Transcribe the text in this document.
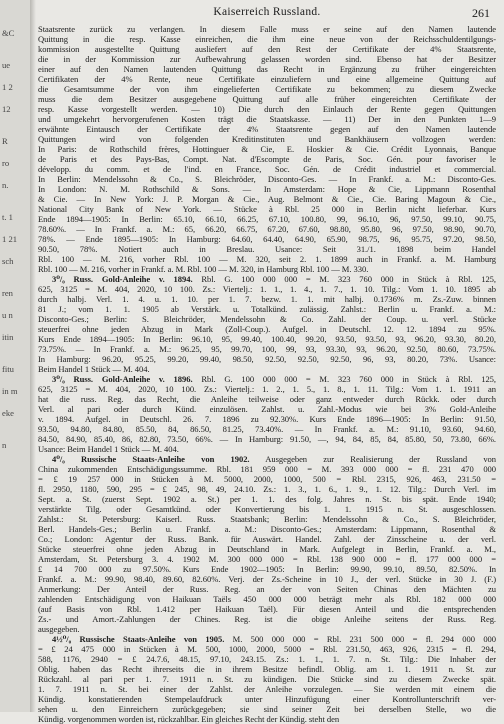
&C
ue
1 2
12
R
ro
n.
t. 1
1 21
sch
ren
u n
itin
fitu
in m
eke
n
Kaiserreich Russland.	261
Staatsrente zurück zu verlangen. In diesem Falle muss er seine auf den Namen lautende
Quittung in die resp. Kasse einreichen, die ihm eine neue von der Reichsschuldentilgungs-
kommission ausgestellte Quittung ausliefert auf den Rest der Certifikate der 4% Staatsrente,
die in der Kommission zur Aufbewahrung gelassen worden sind. Ebenso hat der Besitzer
einer auf den Namen lautenden Quittung das Recht in Ergänzung zu früher eingereichten
Certifikaten der 4% Rente, neue Certifikate einzuliefern und eine allgemeine Quittung auf
die Gesamtsumme der von ihm eingelieferten Certifikate zu bekommen; zu diesem Zwecke
muss die dem Besitzer ausgegebene Quittung auf alle früher eingereichten Certifikate der
resp. Kasse vorgestellt werden. — 10) Die durch den Einlauch der Rente gegen Quittungen
und umgekehrt hervorgerufenen Kosten trägt die Staatskasse. — 11) Der in den Punkten 1—9
erwähnte Eintausch der Certifikate der 4% Staatsrente gegen auf den Namen lautende
Quittungen wird von folgenden Kreditinstituten und Bankhäusern vollzogen werden:
In Paris: de Rothschild frères, Hottinguer & Cie, E. Hoskier & Cie. Crédit Lyonnais, Banque
de Paris et des Pays-Bas, Compt. Nat. d'Escompte de Paris, Soc. Gén. pour favoriser le
développ. du comm. et de l'ind. en France, Soc. Gén. de Crédit industriel et commercial.
In Berlin: Mendelssohn & Co., S. Bleichröder, Disconto-Ges. — In Frankf. a. M.: Disconto-Ges.
In London: N. M. Rothschild & Sons. — In Amsterdam: Hope & Cie, Lippmann Rosenthal
& Cie. — In New York: J. P. Morgan & Cie., Aug. Belmont & Cie., Cie. Baring Magoun & Cie.,
National City Bank of New York. — Stücke à Rbl. 25 000 in Berlin nicht lieferbar. Kurs
Ende 1894—1905: In Berlin: 65.10, 66.10, 66.25, 67.10, 100.80, 99, 96.10, 96, 97.50, 99.10, 90.75,
78.60%. — In Frankf. a. M.: 65, 66.20, 66.75, 67.20, 67.60, 98.80, 95.80, 96, 97.50, 98.90, 90.70,
78%. — Ende 1895—1905: In Hamburg: 64.60, 64.40, 64.90, 65.90, 98.75, 96, 95.75, 97.20, 98.50,
90.50, 78%. Notiert auch in Breslau. Usance: Seit 31./1. 1898 beim Handel
Rbl. 100 — M. 216, vorher Rbl. 100 — M. 320, seit 2. 1. 1899 auch in Frankf. a. M. Hamburg
Rbl. 100 — M. 216, vorher in Frankf. a. M. Rbl. 100 — M. 320, in Hamburg Rbl. 100 — M. 330.
3⁰/₀ Russ. Gold-Anleihe v. 1894. Rbl. G. 100 000 000 = M. 323 760 000 in Stück à Rbl. 125,
625, 3125 = M. 404, 2020, 10 100. Zs.: Viertelj.: 1. 1., 1. 4., 1. 7., 1. 10. Tilg.: Vom 1. 10. 1895 ab
durch halbj. Verl. 1. 4. u. 1. 10. per 1. 7. bezw. 1. 1. mit halbj. 0.1736% m. Zs.-Zuw. binnen
81 J.; vom 1. 1. 1905 ab Verstärk. u. Totalkünd. zulässig. Zahlst.: Berlin u. Frankf. a. M.:
Disconto-Ges.; Berlin: S. Bleichröder, Mendelssohn & Co. Zahl. der Coup. u. verl. Stücke
steuerfrei ohne jeden Abzug in Mark (Zoll-Coup.). Aufgel. in Deutschl. 12. 12. 1894 zu 95%.
Kurs Ende 1894—1905: In Berlin: 96.10, 95, 99.40, 100.40, 99.20, 93.50, 93.50, 93, 96.20, 93.30, 80.20,
73.75%. — In Frankf. a. M.: 96.25, 95, 99.70, 100, 99, 93, 93.30, 93, 96.20, 92.50, 80.60, 73.75%.
In Hamburg: 96.20, 95.25, 99.20, 99.40, 98.50, 92.50, 92.50, 92.50, 96, 93, 80.20, 73%. Usance:
Beim Handel 1 Stück — M. 404.
3⁰/₀ Russ. Gold-Anleihe v. 1896. Rbl. G. 100 000 000 = M. 323 760 000 in Stück à Rbl. 125,
625, 3125 = M. 404, 2020, 10 100. Zs.: Viertelj.: 1. 2., 1. 5., 1. 8., 1. 11. Tilg.: Vom 1. 1. 1911 an
hat die russ. Reg. das Recht, die Anleihe teilweise oder ganz entweder durch Rückk. oder durch
Verl. al pari oder durch Künd. einzulösen. Zahlst. u. Zahl.-Modus wie bei 3% Gold-Anleihe
v. 1894. Aufgel. in Deutschl. 26. 7. 1896 zu 92.30%. Kurs Ende 1896—1905: In Berlin: 91.50,
93.50, 94.80, 84.80, 85.50, 84, 86.50, 81.25, 73.40%. — In Frankf. a. M.: 91.10, 93.60, 94.60,
84.50, 84.90, 85.40, 86, 82.80, 73.50, 66%. — In Hamburg: 91.50, —, 94, 84, 85, 84, 85.80, 50, 73.80, 66%.
Usance: Beim Handel 1 Stück — M. 404.
4⁰/₀ Russische Staats-Anleihe von 1902. Ausgegeben zur Realisierung der Russland von
China zukommenden Entschädigungssumme. Rbl. 181 959 000 = M. 393 000 000 = fl. 231 470 000
= £ 19 257 000 in Stücken à M. 5000, 2000, 1000, 500 = Rbl. 2315, 926, 463, 231.50 =
fl. 2950, 1180, 590, 295 = £ 245, 98, 49, 24.10. Zs.: 1. 3., 1. 6., 1. 9., 1. 12. Tilg.: Durch Verl. im
Sept. a. St. (zuerst Sept. 1902 a. St.) per 1. 1. des folg. Jahres n. St. bis spät. Ende 1940;
verstärkte Tilg. oder Gesamtkünd. oder Konvertierung bis 1. 1. 1915 n. St. ausgeschlossen.
Zahlst.: St. Petersburg: Kaiserl. Russ. Staatsbank; Berlin: Mendelssohn & Co., S. Bleichröder,
Berl. Handels-Ges.; Berlin u. Frankf. a. M.: Disconto-Ges.; Amsterdam: Lippmann, Rosenthal &
Co.; London: Agentur der Russ. Bank. für Auswärt. Handel. Zahl. der Zinsscheine u. der verl.
Stücke steuerfrei ohne jeden Abzug in Deutschland in Mark. Aufgelegt in Berlin, Frankf. a. M.,
Amsterdam, St. Petersburg 3. 4. 1902 M. 300 000 000 = Rbl. 138 900 000 = fl. 177 000 000 =
£ 14 700 000 zu 97.50%. Kurs Ende 1902—1905: In Berlin: 99.90, 99.10, 89.50, 82.50%. In
Frankf. a. M.: 99.90, 98.40, 89.60, 82.60%. Verj. der Zs.-Scheine in 10 J., der verl. Stücke in 30 J. (F.)
Anmerkung: Der Anteil der Russ. Reg. an der von Seiten Chinas den Mächten zu
zahlenden Entschädigung von Haikuan Taëls 450 000 000 beträgt mehr als Rbl. 182 000 000
(auf Basis von Rbl. 1.412 per Haikuan Taël). Für diesen Anteil und die entsprechenden
Zs.- und Amort.-Zahlungen der Chines. Reg. ist die obige Anleihe seitens der Russ. Reg.
ausgegeben.
4½⁰/₀ Russische Staats-Anleihe von 1905. M. 500 000 000 = Rbl. 231 500 000 = fl. 294 000 000
= £ 24 475 000 in Stücken à M. 500, 1000, 2000, 5000 = Rbl. 231.50, 463, 926, 2315 = fl. 294,
588, 1176, 2940 = £ 24.7.6, 48.15, 97.10, 243.15. Zs.: 1. 1., 1. 7. n. St. Tilg.: Die Inhaber der
Oblig. haben das Recht ihrerseits die in ihrem Besitze befindl. Oblig. am 1. 1. 1911 n. St. zur
Rückzahl. al pari per 1. 7. 1911 n. St. zu kündigen. Die Stücke sind zu diesem Zwecke spät.
1. 7. 1911 n. St. bei einer der Zahlst. der Anleihe vorzulegen. — Sie werden mit einem die
Kündig. konstatierenden Stempelaufdruck unter Hinzufügung einer Kontrollunterschrift ver-
sehen u. den Einreichern zurückgegeben; sie sind seiner Zeit bei derselben Stelle, wo die
Kündig. vorgenommen worden ist, rückzahlbar. Ein gleiches Recht der Kündig. steht den
